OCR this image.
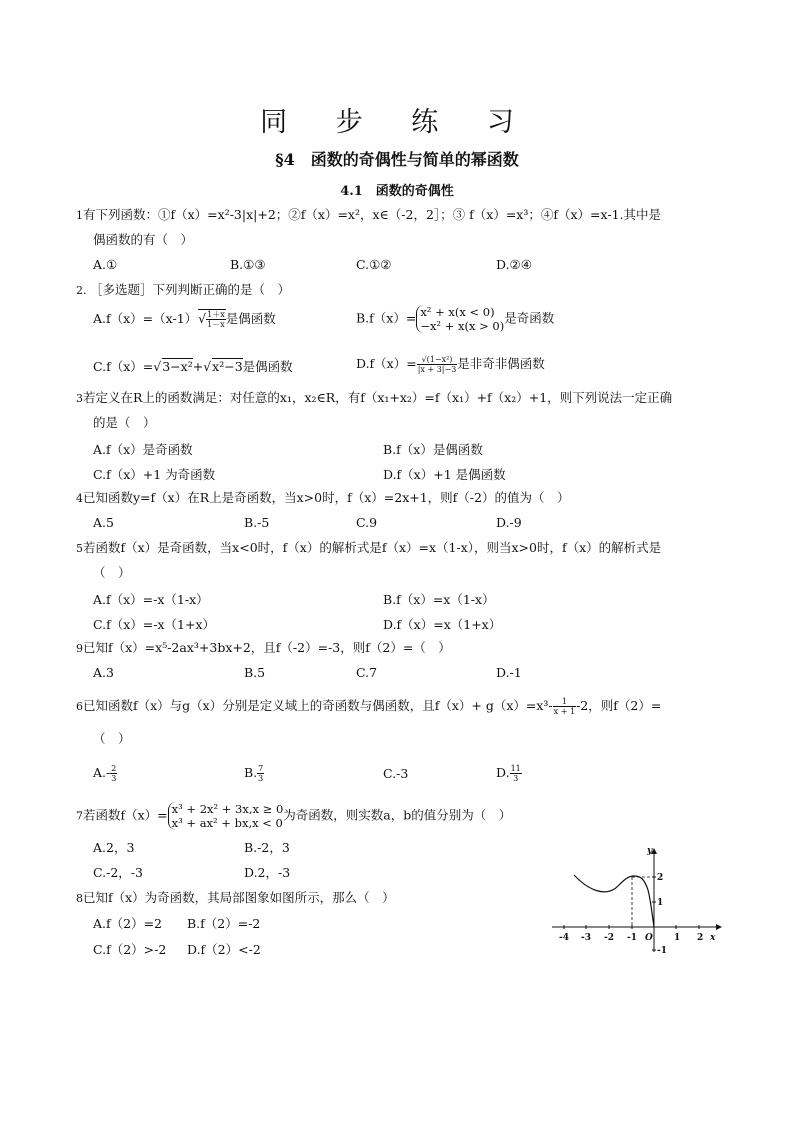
同 步 练 习
§4　函数的奇偶性与简单的幂函数
4.1　函数的奇偶性
1有下列函数：①f（x）=x²-3|x|+2；②f（x）=x²，x∈（-2，2］；③ f（x）=x³；④f（x）=x-1.其中是
偶函数的有（　）
A.①	B.①③	C.①②	D.②④
2. ［多选题］下列判断正确的是（　）
$A.f(x)=(x-1)√ \frac{1+x}{1-x}$ 是偶函数	B.f（x）= x² + x(x < 0)
−x² + x(x > 0)
是奇函数
C.f（x）=√3−x²+√x²−3是偶函数	$D.f(x)= \frac{\text{√(1−x²)}}{|x + 3|-3}$ 是非奇非偶函数
3若定义在R上的函数满足：对任意的x₁，x₂∈R，有f（x₁+x₂）=f（x₁）+f（x₂）+1，则下列说法一定正确
的是（　）
A.f（x）是奇函数	B.f（x）是偶函数
C.f（x）+1 为奇函数	D.f（x）+1 是偶函数
4已知函数y=f（x）在R上是奇函数，当x>0时，f（x）=2x+1，则f（-2）的值为（　）
A.5	B.-5	C.9	D.-9
5若函数f（x）是奇函数，当x<0时，f（x）的解析式是f（x）=x（1-x），则当x>0时，f（x）的解析式是
（　）
A.f（x）=-x（1-x）	B.f（x）=x（1-x）
C.f（x）=-x（1+x）	D.f（x）=x（1+x）
9已知f（x）=x⁵-2ax³+3bx+2，且f（-2）=-3，则f（2）=（　）
A.3	B.5	C.7	D.-1
6已知函数f（x）与g（x）分别是定义域上的奇函数与偶函数，且$f(x)+ g(x)=x^3- \frac{1}{x + 1} -2$，则f（2）=
（　）
$A.- \frac{2}{3}$	B. $\frac{7}{3}$	C.-3	D. $\frac{11}{3}$
7若函数f（x）= x³ + 2x² + 3x,x ≥ 0
x³ + ax² + bx,x < 0
为奇函数，则实数a，b的值分别为（　）
A.2，3	B.-2，3
C.-2，-3	D.2，-3
8已知f（x）为奇函数，其局部图象如图所示，那么（　）
A.f（2）=2 B.f（2）=-2
C.f（2）>-2 D.f（2）<-2
y
x
O
-4 -3 -2 -1	1 2
2
1
-1
